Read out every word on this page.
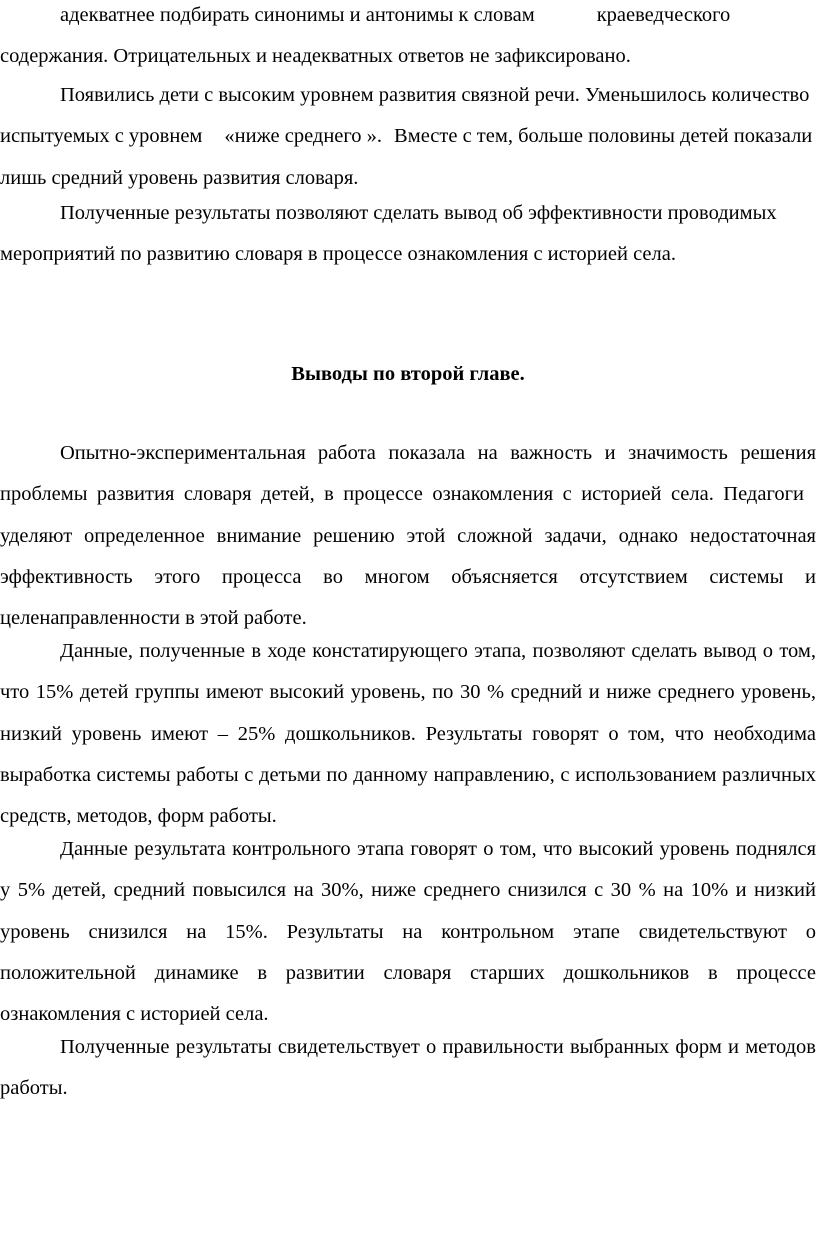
адекватнее подбирать синонимы и антонимы к словам	краеведческого
содержания. Отрицательных и неадекватных ответов не зафиксировано.

Появились дети с высоким уровнем развития связной речи. Уменьшилось количество испытуемых с уровнем «ниже среднего ». Вместе с тем, больше половины детей показали лишь средний уровень развития словаря.

Полученные результаты позволяют сделать вывод об эффективности проводимых мероприятий по развитию словаря в процессе ознакомления с историей села.

Выводы по второй главе.

Опытно-экспериментальная работа показала на важность и значимость решения проблемы развития словаря детей, в процессе ознакомления с историей села. Педагогиуделяют определенное внимание решению этой сложной задачи, однако недостаточная эффективность этого процесса во многом объясняется отсутствием системы и целенаправленности в этой работе.

Данные, полученные в ходе констатирующего этапа, позволяют сделать вывод о том, что 15% детей группы имеют высокий уровень, по 30 % средний и ниже среднего уровень, низкий уровень имеют – 25% дошкольников. Результаты говорят о том, что необходима выработка системы работы с детьми по данному направлению, с использованием различных средств, методов, форм работы.

Данные результата контрольного этапа говорят о том, что высокий уровень поднялся у 5% детей, средний повысился на 30%, ниже среднего снизился с 30 % на 10% и низкий уровень снизился на 15%. Результаты на контрольном этапе свидетельствуют о положительной динамике в развитии словаря старших дошкольников в процессе ознакомления с историей села.

Полученные результаты свидетельствует о правильности выбранных форм и методов работы.
